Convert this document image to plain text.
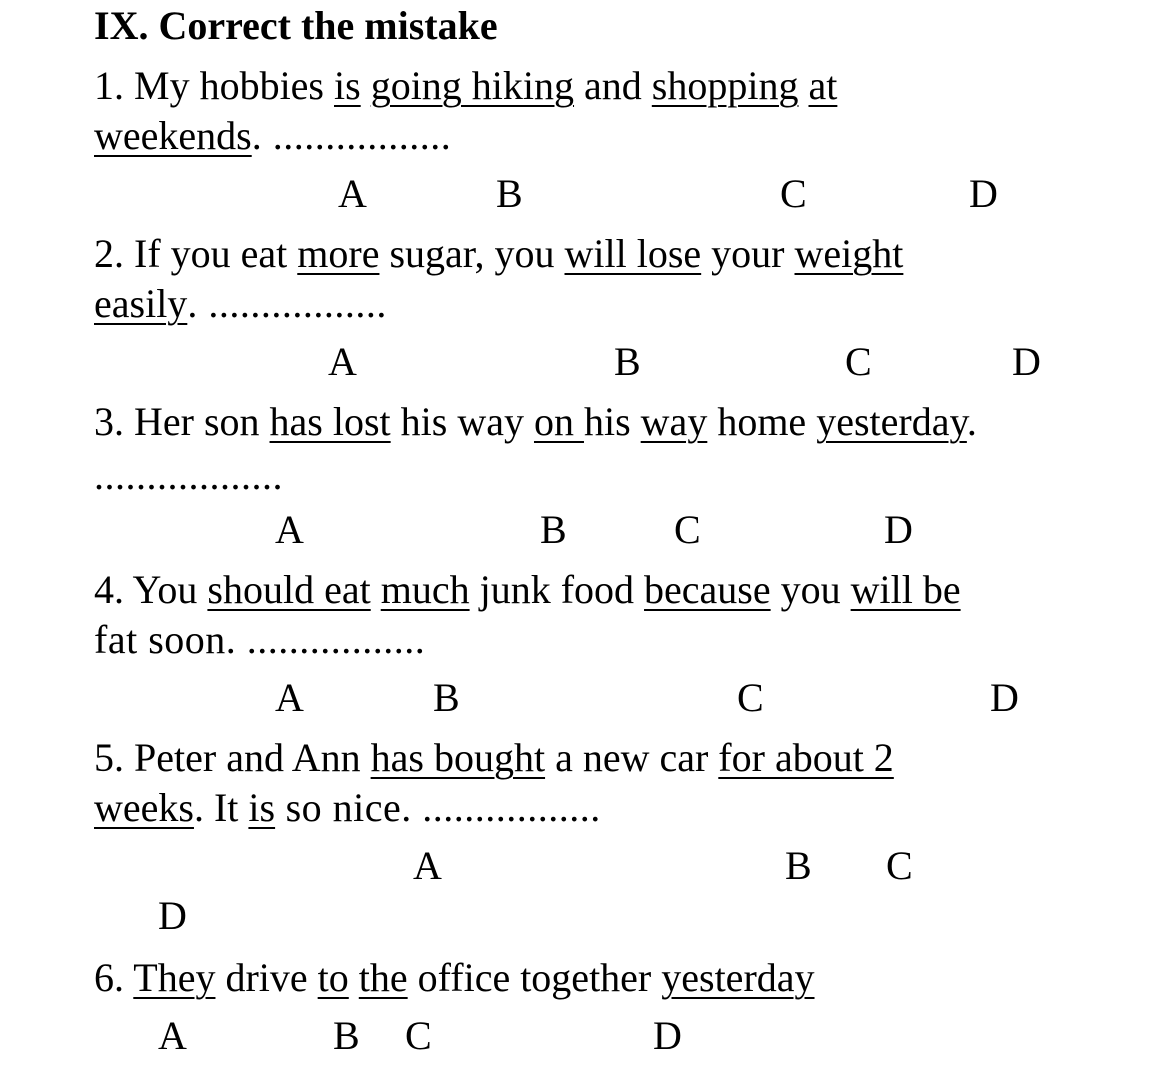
IX. Correct the mistake
1. My hobbies is going hiking and shopping at
weekends. .................
A	B	C	D
2. If you eat more sugar, you will lose your weight
easily. .................
A	B	C	D
3. Her son has lost his way on his way home yesterday.
..................
A	B	C	D
4. You should eat much junk food because you will be
fat soon. .................
A	B	C	D
5. Peter and Ann has bought a new car for about 2
weeks. It is so nice. .................
A	B C
D
6. They drive to the office together yesterday
A	B C	D
